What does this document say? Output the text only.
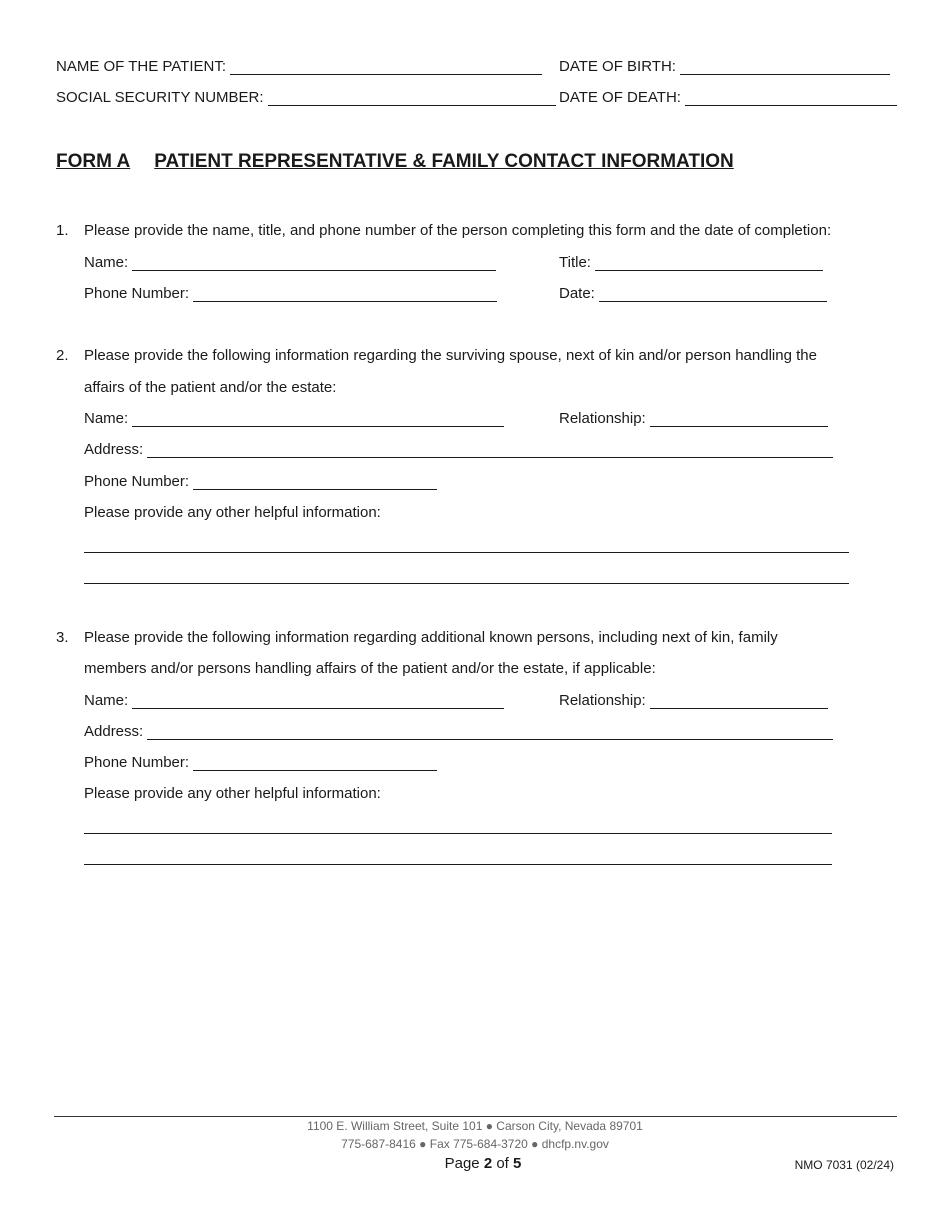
NAME OF THE PATIENT:	DATE OF BIRTH:
SOCIAL SECURITY NUMBER:	DATE OF DEATH:
FORM A PATIENT REPRESENTATIVE & FAMILY CONTACT INFORMATION
1. Please provide the name, title, and phone number of the person completing this form and the date of completion:
Name:	Title:
Phone Number:	Date:
2. Please provide the following information regarding the surviving spouse, next of kin and/or person handling the
affairs of the patient and/or the estate:
Name:	Relationship:
Address:
Phone Number:
Please provide any other helpful information:
3. Please provide the following information regarding additional known persons, including next of kin, family
members and/or persons handling affairs of the patient and/or the estate, if applicable:
Name:	Relationship:
Address:
Phone Number:
Please provide any other helpful information:
1100 E. William Street, Suite 101 ● Carson City, Nevada 89701
775-687-8416 ● Fax 775-684-3720 ● dhcfp.nv.gov
Page 2 of 5	NMO 7031 (02/24)
